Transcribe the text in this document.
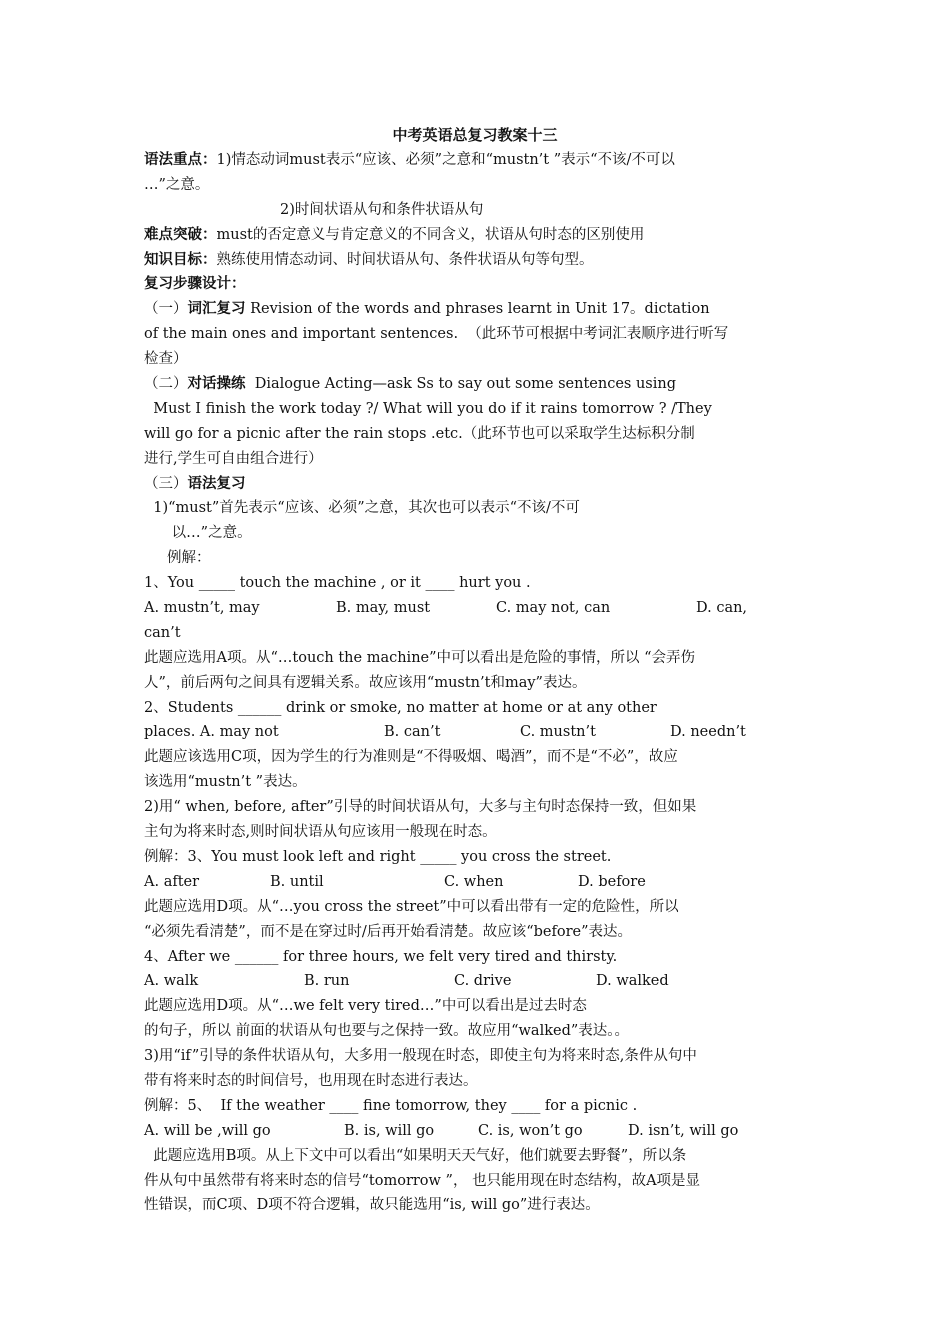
中考英语总复习教案十三
语法重点：1)情态动词must表示“应该、必须”之意和“mustn’t ”表示“不该/不可以
…”之意。
2)时间状语从句和条件状语从句
难点突破：must的否定意义与肯定意义的不同含义，状语从句时态的区别使用
知识目标：熟练使用情态动词、时间状语从句、条件状语从句等句型。
复习步骤设计：
（一）词汇复习 Revision of the words and phrases learnt in Unit 17。dictation
of the main ones and important sentences.  （此环节可根据中考词汇表顺序进行听写
检查）
（二）对话操练  Dialogue Acting—ask Ss to say out some sentences using
Must I finish the work today ?/ What will you do if it rains tomorrow ? /They
will go for a picnic after the rain stops .etc.（此环节也可以采取学生达标积分制
进行,学生可自由组合进行）
（三）语法复习
1)“must”首先表示“应该、必须”之意，其次也可以表示“不该/不可
以…”之意。
例解：
1、You _____ touch the machine , or it ____ hurt you .
A. mustn’t, may	B. may, must	C. may not, can	D. can,
can’t
此题应选用A项。从“…touch the machine”中可以看出是危险的事情，所以 “会弄伤
人”，前后两句之间具有逻辑关系。故应该用“mustn’t和may”表达。
2、Students ______ drink or smoke, no matter at home or at any other
places. A. may not	B. can’t	C. mustn’t	D. needn’t
此题应该选用C项，因为学生的行为准则是“不得吸烟、喝酒”，而不是“不必”，故应
该选用“mustn’t ”表达。
2)用“ when, before, after”引导的时间状语从句，大多与主句时态保持一致，但如果
主句为将来时态,则时间状语从句应该用一般现在时态。
例解：3、You must look left and right _____ you cross the street.
A. after	B. until	C. when	D. before
此题应选用D项。从“…you cross the street”中可以看出带有一定的危险性，所以
“必须先看清楚”，而不是在穿过时/后再开始看清楚。故应该“before”表达。
4、After we ______ for three hours, we felt very tired and thirsty.
A. walk	B. run	C. drive	D. walked
此题应选用D项。从“…we felt very tired…”中可以看出是过去时态
的句子，所以 前面的状语从句也要与之保持一致。故应用“walked”表达。。
3)用“if”引导的条件状语从句，大多用一般现在时态，即使主句为将来时态,条件从句中
带有将来时态的时间信号，也用现在时态进行表达。
例解：5、  If the weather ____ fine tomorrow, they ____ for a picnic .
A. will be ,will go	B. is, will go	C. is, won’t go	D. isn’t, will go
此题应选用B项。从上下文中可以看出“如果明天天气好，他们就要去野餐”，所以条
件从句中虽然带有将来时态的信号“tomorrow ”， 也只能用现在时态结构，故A项是显
性错误，而C项、D项不符合逻辑，故只能选用“is, will go”进行表达。
